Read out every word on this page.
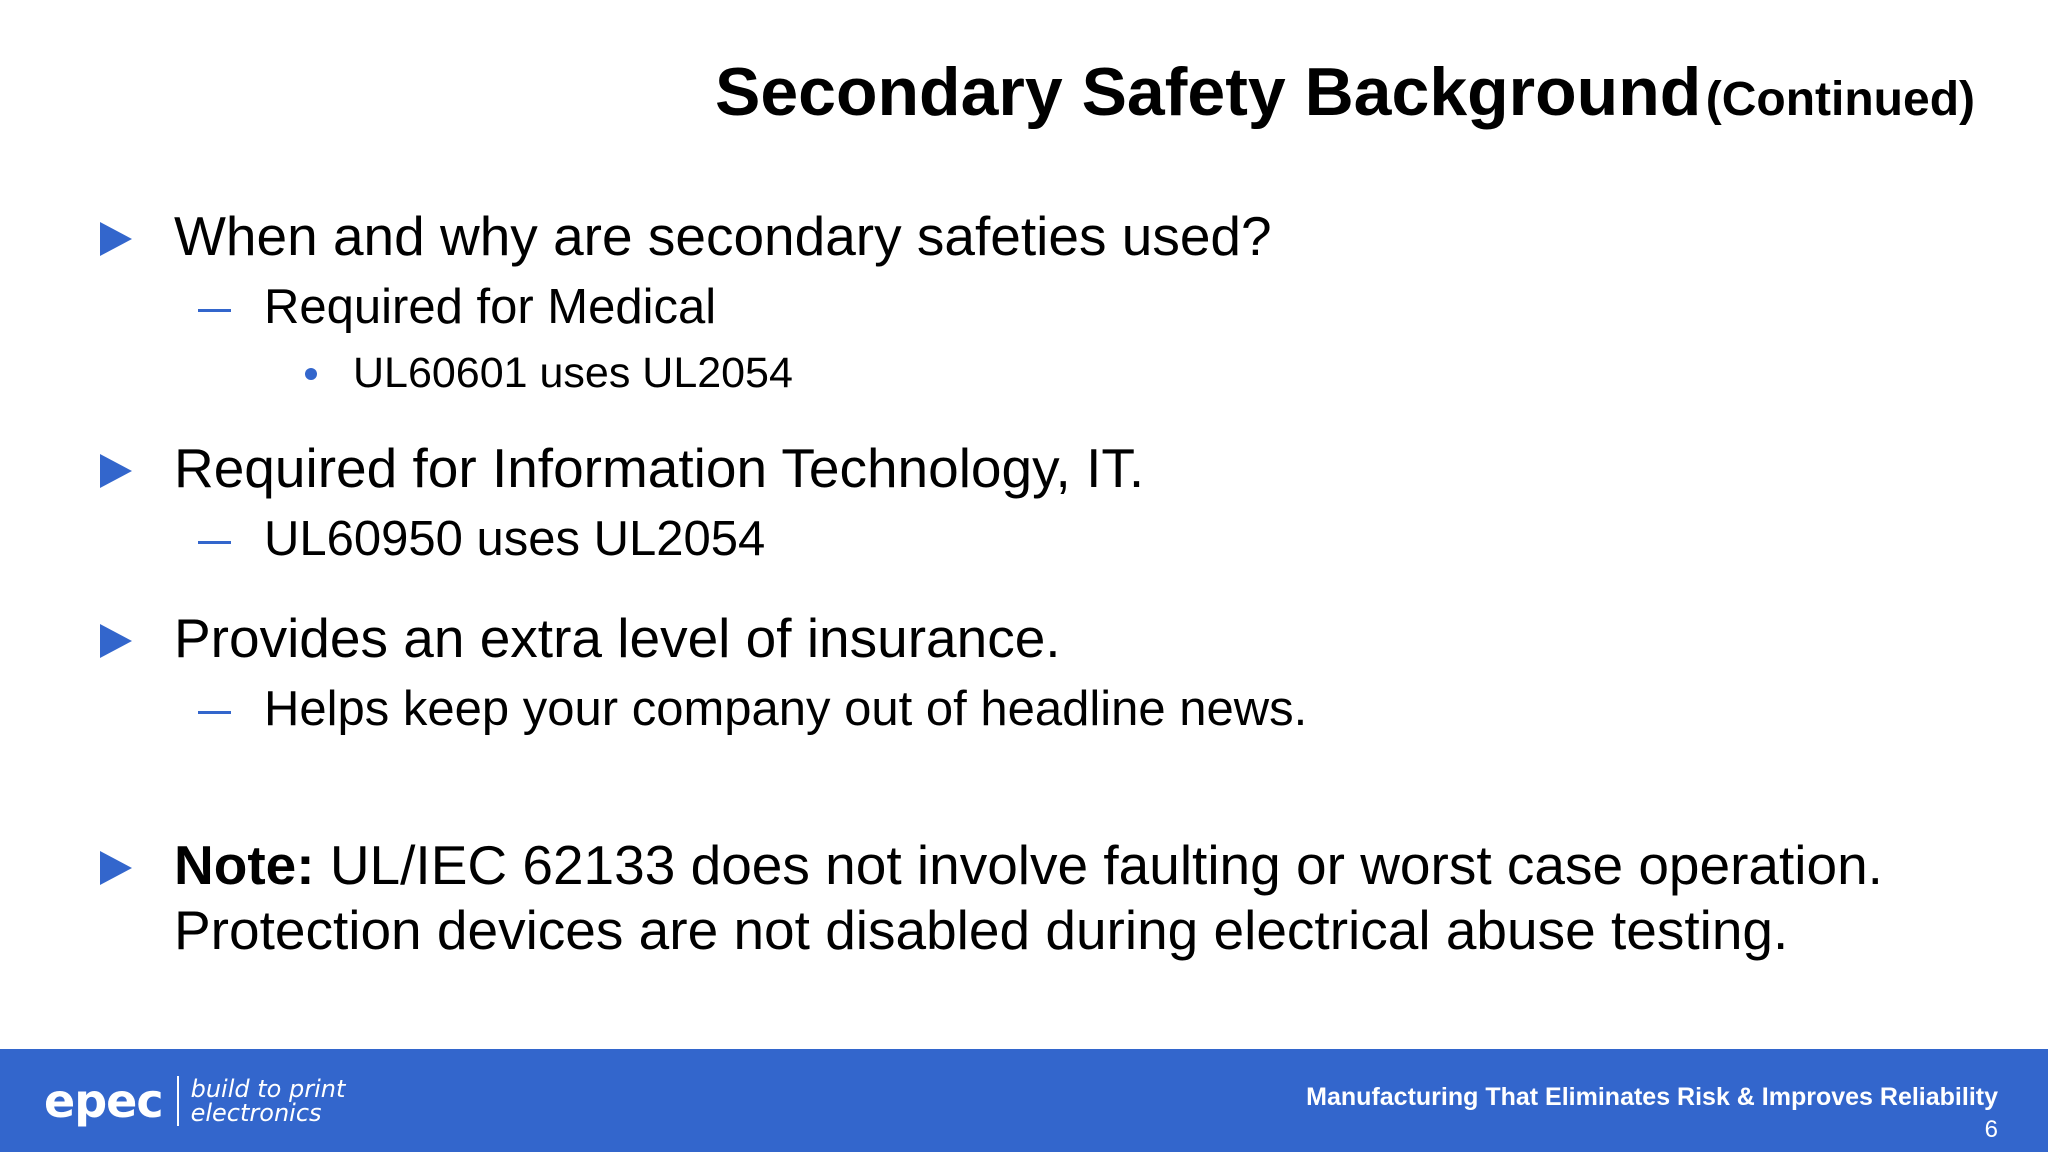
Secondary Safety Background (Continued)
When and why are secondary safeties used?
Required for Medical
UL60601 uses UL2054
Required for Information Technology, IT.
UL60950 uses UL2054
Provides an extra level of insurance.
Helps keep your company out of headline news.
Note: UL/IEC 62133 does not involve faulting or worst case operation.
Protection devices are not disabled during electrical abuse testing.
epec build to print
electronics
Manufacturing That Eliminates Risk & Improves Reliability
6
